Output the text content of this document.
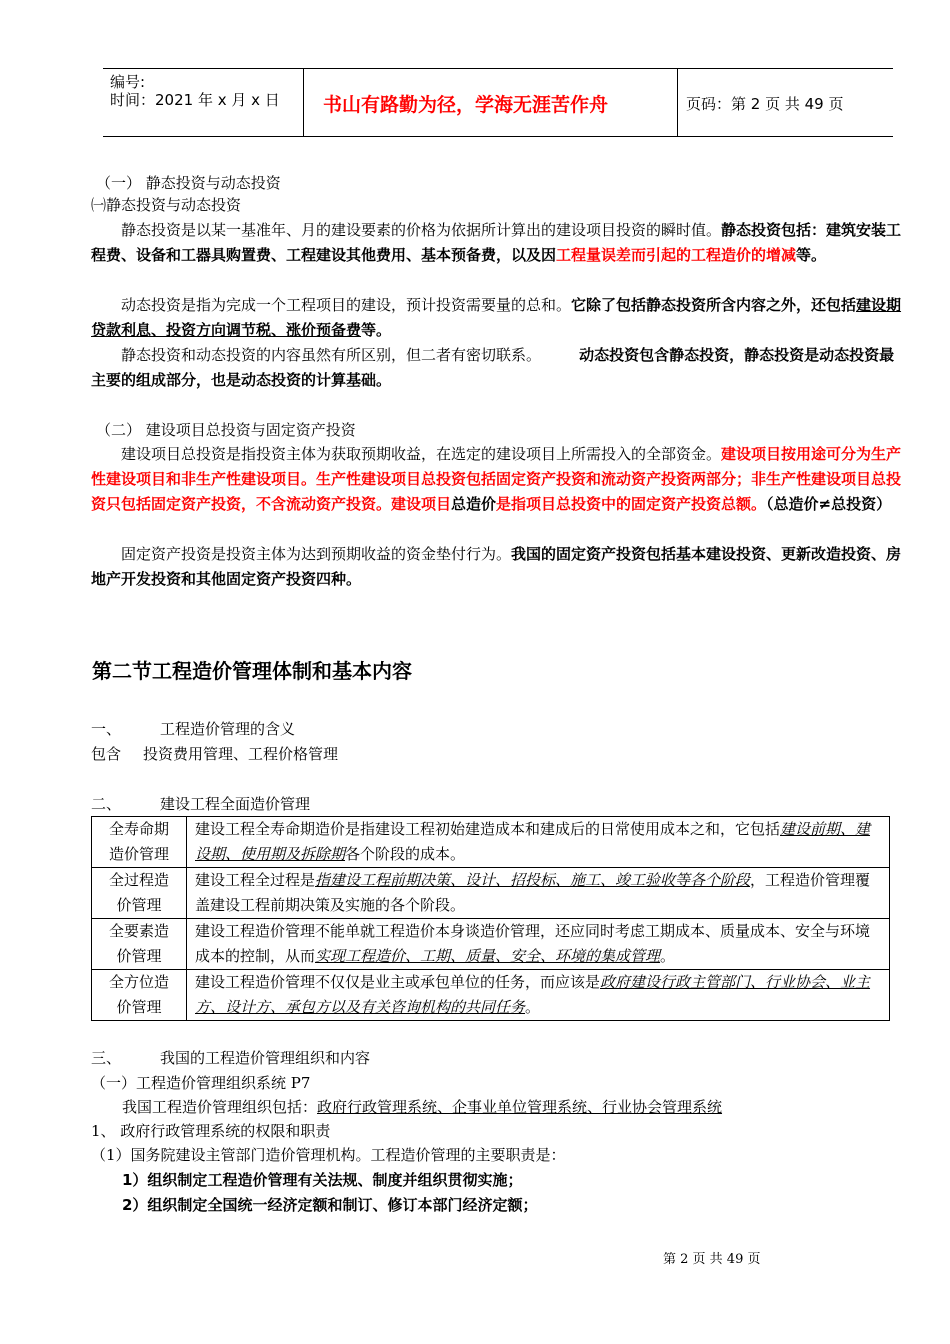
编号:
时间：2021 年 x 月 x 日 书山有路勤为径，学海无涯苦作舟	页码：第 2 页 共 49 页
（一） 静态投资与动态投资
㈠静态投资与动态投资
静态投资是以某一基准年、月的建设要素的价格为依据所计算出的建设项目投资的瞬时值。静态投资包括：建筑安装工程费、设备和工器具购置费、工程建设其他费用、基本预备费，以及因工程量误差而引起的工程造价的增减等。
动态投资是指为完成一个工程项目的建设，预计投资需要量的总和。它除了包括静态投资所含内容之外，还包括建设期贷款利息、投资方向调节税、涨价预备费等。
静态投资和动态投资的内容虽然有所区别，但二者有密切联系。	动态投资包含静态投资，静态投资是动态投资最主要的组成部分，也是动态投资的计算基础。
（二） 建设项目总投资与固定资产投资
建设项目总投资是指投资主体为获取预期收益，在选定的建设项目上所需投入的全部资金。建设项目按用途可分为生产性建设项目和非生产性建设项目。生产性建设项目总投资包括固定资产投资和流动资产投资两部分；非生产性建设项目总投资只包括固定资产投资，不含流动资产投资。建设项目总造价是指项目总投资中的固定资产投资总额。（总造价≠总投资）
固定资产投资是投资主体为达到预期收益的资金垫付行为。我国的固定资产投资包括基本建设投资、更新改造投资、房地产开发投资和其他固定资产投资四种。
第二节工程造价管理体制和基本内容
一、	工程造价管理的含义
包含 投资费用管理、工程价格管理
二、	建设工程全面造价管理
全寿命期
造价管理	建设工程全寿命期造价是指建设工程初始建造成本和建成后的日常使用成本之和，它包括建设前期、建设期、使用期及拆除期各个阶段的成本。
全过程造
价管理	建设工程全过程是指建设工程前期决策、设计、招投标、施工、竣工验收等各个阶段，工程造价管理覆盖建设工程前期决策及实施的各个阶段。
全要素造
价管理	建设工程造价管理不能单就工程造价本身谈造价管理，还应同时考虑工期成本、质量成本、安全与环境成本的控制，从而实现工程造价、工期、质量、安全、环境的集成管理。
全方位造
价管理	建设工程造价管理不仅仅是业主或承包单位的任务，而应该是政府建设行政主管部门、行业协会、业主方、设计方、承包方以及有关咨询机构的共同任务。
三、	我国的工程造价管理组织和内容
（一）工程造价管理组织系统 P7
我国工程造价管理组织包括：政府行政管理系统、企事业单位管理系统、行业协会管理系统
1、 政府行政管理系统的权限和职责
（1）国务院建设主管部门造价管理机构。工程造价管理的主要职责是：
1）组织制定工程造价管理有关法规、制度并组织贯彻实施；
2）组织制定全国统一经济定额和制订、修订本部门经济定额；
第 2 页 共 49 页
